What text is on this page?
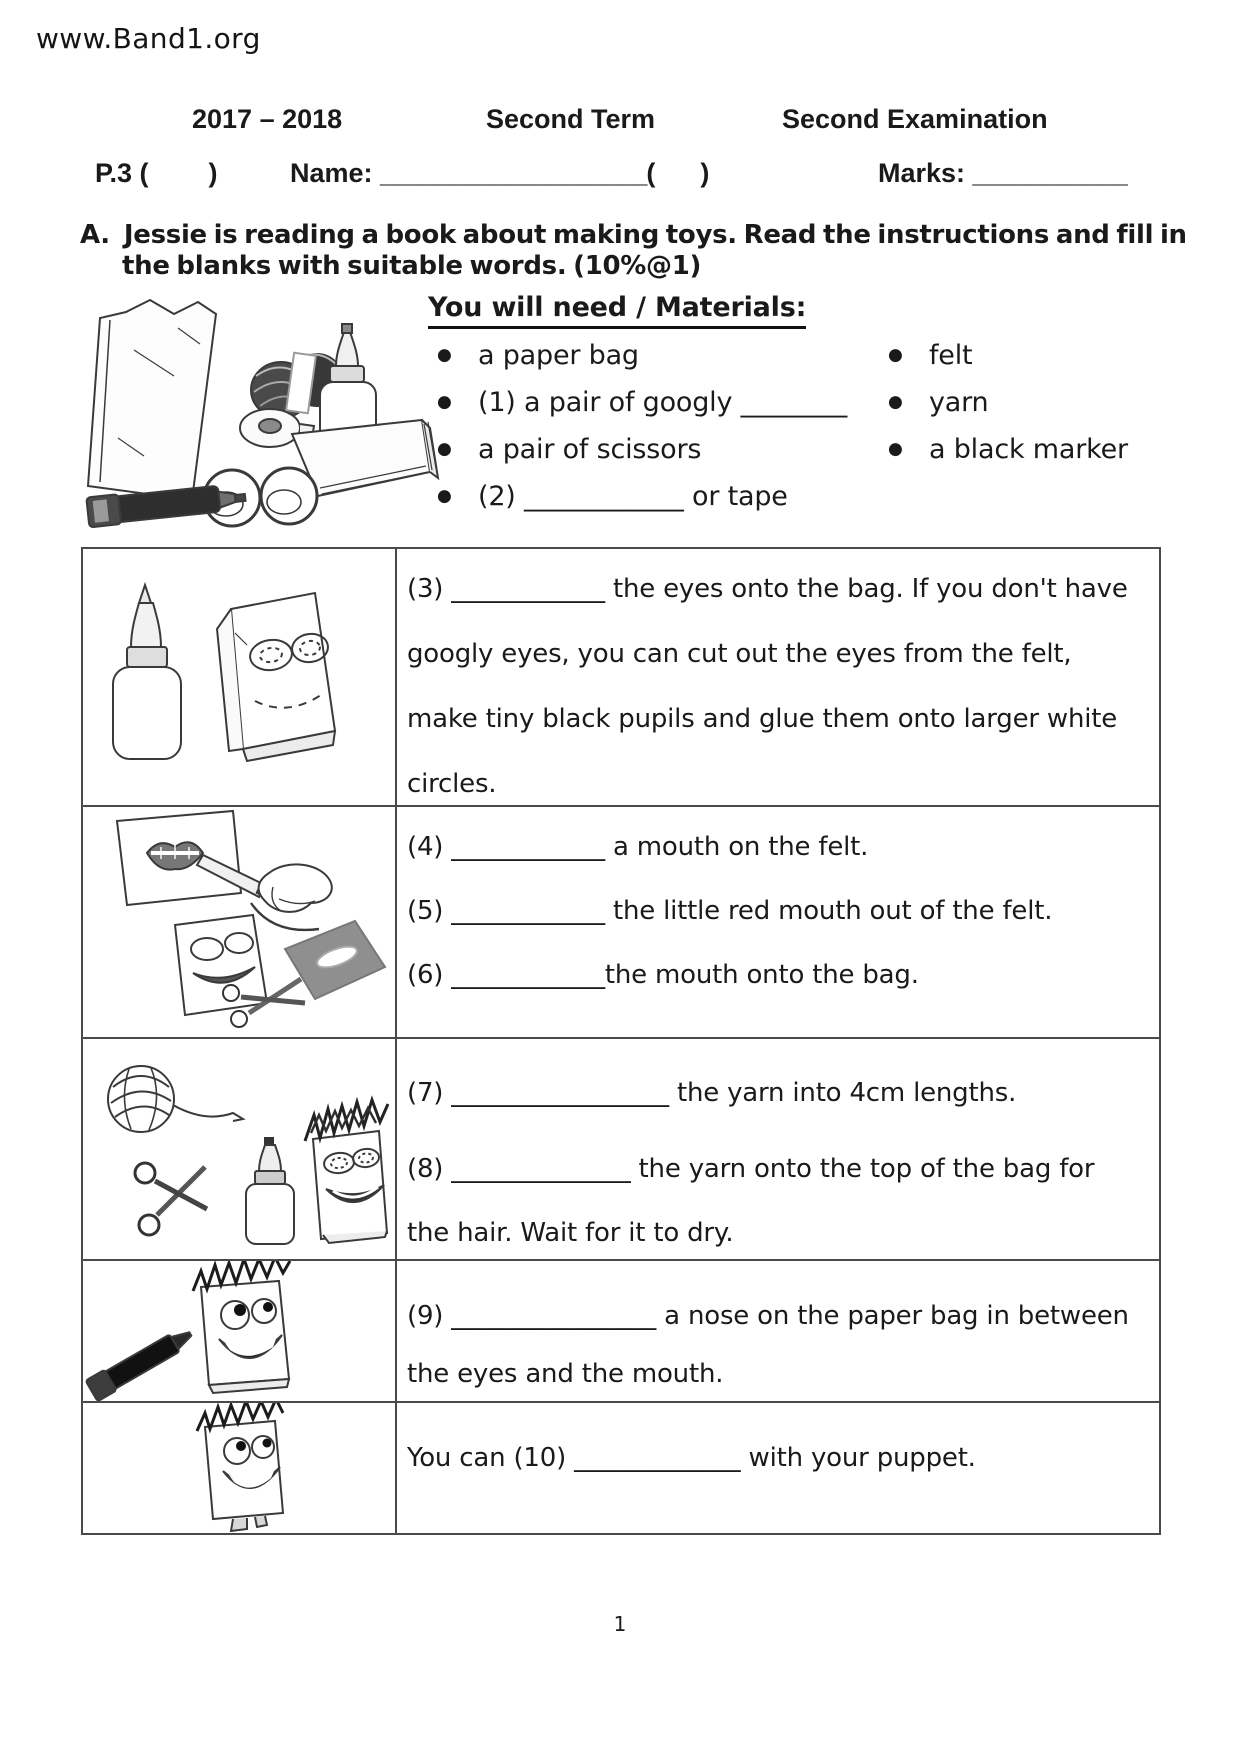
www.Band1.org
2017 – 2018	Second Term	Second Examination
P.3 (        )	Name: ___________________(      )	Marks: ___________
A. Jessie is reading a book about making toys. Read the instructions and fill in the blanks with suitable words. (10%@1)
You will need / Materials:
● a paper bag
● (1) a pair of googly ________
● a pair of scissors
● (2) ____________ or tape
● felt
● yarn
● a black marker

(3) ____________ the eyes onto the bag. If you don't have googly eyes, you can cut out the eyes from the felt, make tiny black pupils and glue them onto larger white circles.

(4) ____________ a mouth on the felt.

(5) ____________ the little red mouth out of the felt.

(6) ____________the mouth onto the bag.

(7) _________________ the yarn into 4cm lengths.

(8) ______________ the yarn onto the top of the bag for the hair. Wait for it to dry.

(9) ________________ a nose on the paper bag in between the eyes and the mouth.

You can (10) _____________ with your puppet.

1
